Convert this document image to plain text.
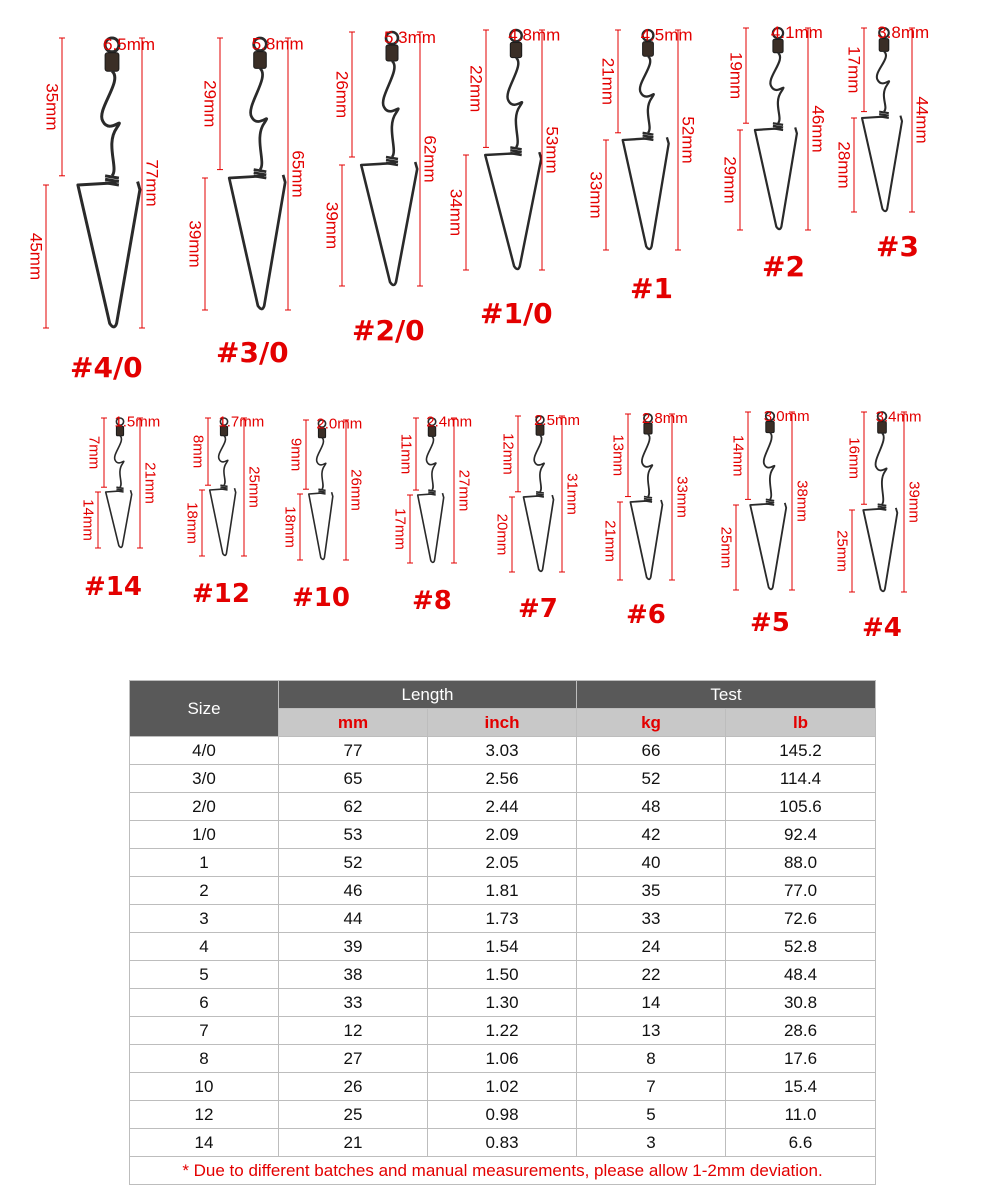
35mm
45mm
77mm
6.5mm
29mm
39mm
65mm
5.8mm
26mm
39mm
62mm
5.3mm
22mm
34mm
53mm
4.8mm
21mm
33mm
52mm
4.5mm
19mm
29mm
46mm
4.1mm
17mm
28mm
44mm
3.8mm
7mm
14mm
21mm
1.5mm
8mm
18mm
25mm
1.7mm
9mm
18mm
26mm
2.0mm
11mm
17mm
27mm
2.4mm
12mm
20mm
31mm
2.5mm
13mm
21mm
33mm
2.8mm
14mm
25mm
38mm
3.0mm
16mm
25mm
39mm
3.4mm
#4/0	#3/0
#2/0
#1/0
#1
#2
#3
#14 #12 #10 #8	#7	#6	#5	#4
Size	Length		Test	
	mm	inch	kg	lb
4/0	77	3.03	66	145.2
3/0	65	2.56	52	114.4
2/0	62	2.44	48	105.6
1/0	53	2.09	42	92.4
1	52	2.05	40	88.0
2	46	1.81	35	77.0
3	44	1.73	33	72.6
4	39	1.54	24	52.8
5	38	1.50	22	48.4
6	33	1.30	14	30.8
7	12	1.22	13	28.6
8	27	1.06	8	17.6
10	26	1.02	7	15.4
12	25	0.98	5	11.0
14	21	0.83	3	6.6
* Due to different batches and manual measurements, please allow 1-2mm deviation.				
